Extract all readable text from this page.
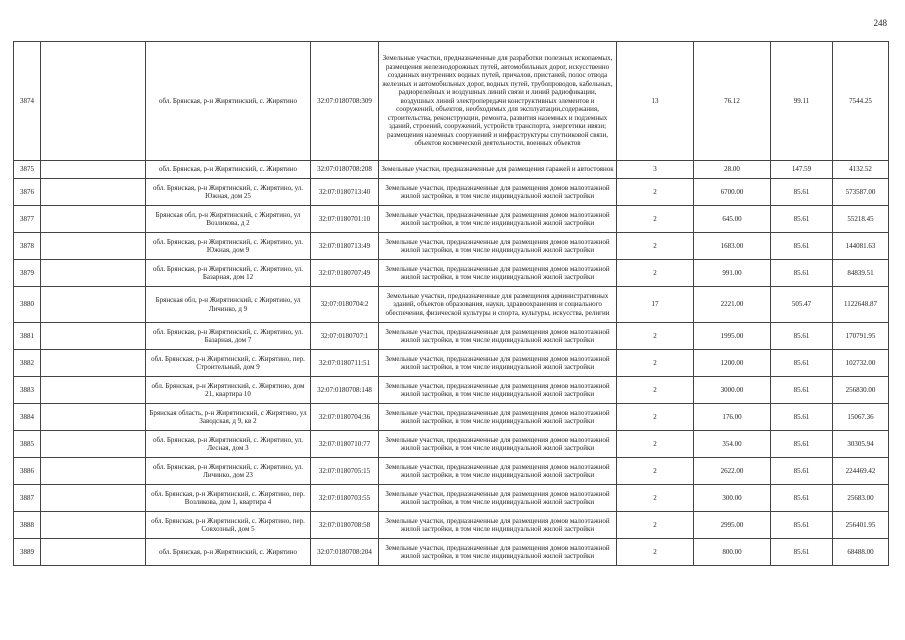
248
3874		обл. Брянская, р-н Жирятинский, с. Жирятино	32:07:0180708:309	Земельные участки, предназначенные для разработки полезных ископаемых, размещения железнодорожных путей, автомобильных дорог, искусственно созданных внутренних водных путей, причалов, пристаней, полос отвода железных и автомобильных дорог, водных путей, трубопроводов, кабельных, радиорелейных и воздушных линий связи и линий радиофикации, воздушных линий электропередачи конструктивных элементов и сооружений, объектов, необходимых для эксплуатации,содержания, строительства, реконструкции, ремонта, развития наземных и подземных зданий, строений, сооружений, устройств транспорта, энергетики ивязи; размещения наземных сооружений и инфраструктуры спутниковой связи, объектов космической деятельности, военных объектов	13	76.12	99.11	7544.25
3875		обл. Брянская, р-н Жирятинский, с. Жирятино	32:07:0180708:208	Земельные участки, предназначенные для размещения гаражей и автостоянок	3	28.00	147.59	4132.52
3876		обл. Брянская, р-н Жирятинский, с. Жирятино, ул. Южная, дом 25	32:07:0180713:40	Земельные участки, предназначенные для размещения домов малоэтажной жилой застройки, в том числе индивидуальной жилой застройки	2	6700.00	85.61	573587.00
3877		Брянская обл, р-н Жирятинский, с Жирятино, ул Возликова, д 2	32:07:0180701:10	Земельные участки, предназначенные для размещения домов малоэтажной жилой застройки, в том числе индивидуальной жилой застройки	2	645.00	85.61	55218.45
3878		обл. Брянская, р-н Жирятинский, с. Жирятино, ул. Южная, дом 9	32:07:0180713:49	Земельные участки, предназначенные для размещения домов малоэтажной жилой застройки, в том числе индивидуальной жилой застройки	2	1683.00	85.61	144081.63
3879		обл. Брянская, р-н Жирятинский, с. Жирятино, ул. Базарная, дом 12	32:07:0180707:49	Земельные участки, предназначенные для размещения домов малоэтажной жилой застройки, в том числе индивидуальной жилой застройки	2	991.00	85.61	84839.51
3880		Брянская обл, р-н Жирятинский, с Жирятино, ул Личинко, д 9	32:07:0180704:2	Земельные участки, предназначенные для размещения административных зданий, объектов образования, науки, здравоохранения и социального обеспечения, физической культуры и спорта, культуры, искусства, религии	17	2221.00	505.47	1122648.87
3881		обл. Брянская, р-н Жирятинский, с. Жирятино, ул. Базарная, дом 7	32:07:0180707:1	Земельные участки, предназначенные для размещения домов малоэтажной жилой застройки, в том числе индивидуальной жилой застройки	2	1995.00	85.61	170791.95
3882		обл. Брянская, р-н Жирятинский, с. Жирятино, пер. Строительный, дом 9	32:07:0180711:51	Земельные участки, предназначенные для размещения домов малоэтажной жилой застройки, в том числе индивидуальной жилой застройки	2	1200.00	85.61	102732.00
3883		обл. Брянская, р-н Жирятинский, с. Жирятино, дом 21, квартира 10	32:07:0180708:148	Земельные участки, предназначенные для размещения домов малоэтажной жилой застройки, в том числе индивидуальной жилой застройки	2	3000.00	85.61	256830.00
3884		Брянская область, р-н Жирятинский, с Жирятино, ул Заводская, д 9, кв 2	32:07:0180704:36	Земельные участки, предназначенные для размещения домов малоэтажной жилой застройки, в том числе индивидуальной жилой застройки	2	176.00	85.61	15067.36
3885		обл. Брянская, р-н Жирятинский, с. Жирятино, ул. Лесная, дом 3	32:07:0180710:77	Земельные участки, предназначенные для размещения домов малоэтажной жилой застройки, в том числе индивидуальной жилой застройки	2	354.00	85.61	30305.94
3886		обл. Брянская, р-н Жирятинский, с. Жирятино, ул. Личинко, дом 23	32:07:0180705:15	Земельные участки, предназначенные для размещения домов малоэтажной жилой застройки, в том числе индивидуальной жилой застройки	2	2622.00	85.61	224469.42
3887		обл. Брянская, р-н Жирятинский, с. Жирятино, пер. Возликова, дом 1, квартира 4	32:07:0180703:55	Земельные участки, предназначенные для размещения домов малоэтажной жилой застройки, в том числе индивидуальной жилой застройки	2	300.00	85.61	25683.00
3888		обл. Брянская, р-н Жирятинский, с. Жирятино, пер. Совхозный, дом 5	32:07:0180708:58	Земельные участки, предназначенные для размещения домов малоэтажной жилой застройки, в том числе индивидуальной жилой застройки	2	2995.00	85.61	256401.95
3889		обл. Брянская, р-н Жирятинский, с. Жирятино	32:07:0180708:204	Земельные участки, предназначенные для размещения домов малоэтажной жилой застройки, в том числе индивидуальной жилой застройки	2	800.00	85.61	68488.00
